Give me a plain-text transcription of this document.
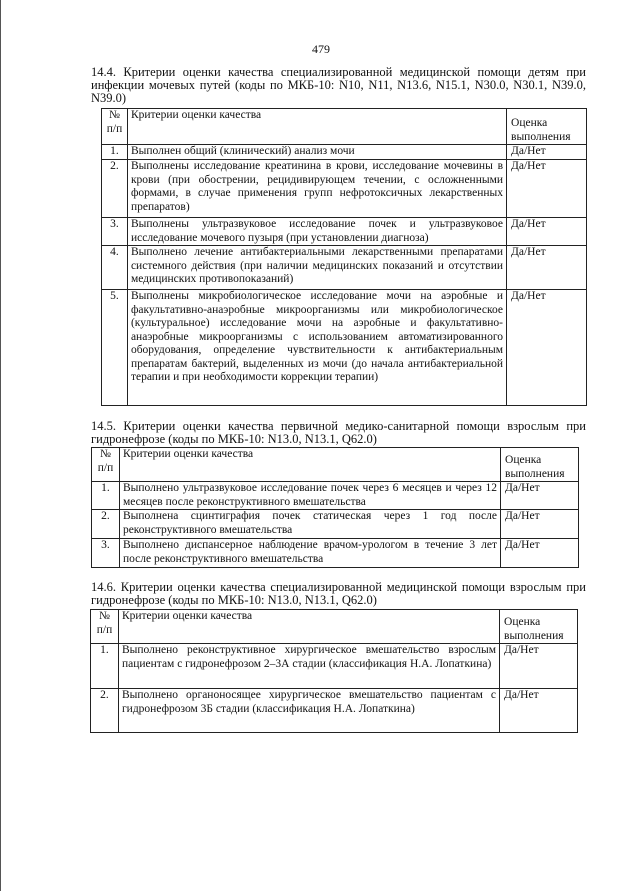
479
14.4. Критерии оценки качества специализированной медицинской помощи детям при инфекции мочевых путей (коды по МКБ-10: N10, N11, N13.6, N15.1, N30.0, N30.1, N39.0, N39.0)
№ п/п	Критерии оценки качества	Оценка выполнения
1.	Выполнен общий (клинический) анализ мочи	Да/Нет
2.	Выполнены исследование креатинина в крови, исследование мочевины в крови (при обострении, рецидивирующем течении, с осложненными формами, в случае применения групп нефротоксичных лекарственных препаратов)	Да/Нет
3.	Выполнены ультразвуковое исследование почек и ультразвуковое исследование мочевого пузыря (при установлении диагноза)	Да/Нет
4.	Выполнено лечение антибактериальными лекарственными препаратами системного действия (при наличии медицинских показаний и отсутствии медицинских противопоказаний)	Да/Нет
5.	Выполнены микробиологическое исследование мочи на аэробные и факультативно-анаэробные микроорганизмы или микробиологическое (культуральное) исследование мочи на аэробные и факультативно-анаэробные микроорганизмы с использованием автоматизированного оборудования, определение чувствительности к антибактериальным препаратам бактерий, выделенных из мочи (до начала антибактериальной терапии и при необходимости коррекции терапии)	Да/Нет
14.5. Критерии оценки качества первичной медико-санитарной помощи взрослым при гидронефрозе (коды по МКБ-10: N13.0, N13.1, Q62.0)
№ п/п	Критерии оценки качества	Оценка выполнения
1.	Выполнено ультразвуковое исследование почек через 6 месяцев и через 12 месяцев после реконструктивного вмешательства	Да/Нет
2.	Выполнена сцинтиграфия почек статическая через 1 год после реконструктивного вмешательства	Да/Нет
3.	Выполнено диспансерное наблюдение врачом-урологом в течение 3 лет после реконструктивного вмешательства	Да/Нет
14.6. Критерии оценки качества специализированной медицинской помощи взрослым при гидронефрозе (коды по МКБ-10: N13.0, N13.1, Q62.0)
№ п/п	Критерии оценки качества	Оценка выполнения
1.	Выполнено реконструктивное хирургическое вмешательство взрослым пациентам с гидронефрозом 2–3А стадии (классификация Н.А. Лопаткина)	Да/Нет
2.	Выполнено органоносящее хирургическое вмешательство пациентам с гидронефрозом 3Б стадии (классификация Н.А. Лопаткина)	Да/Нет
